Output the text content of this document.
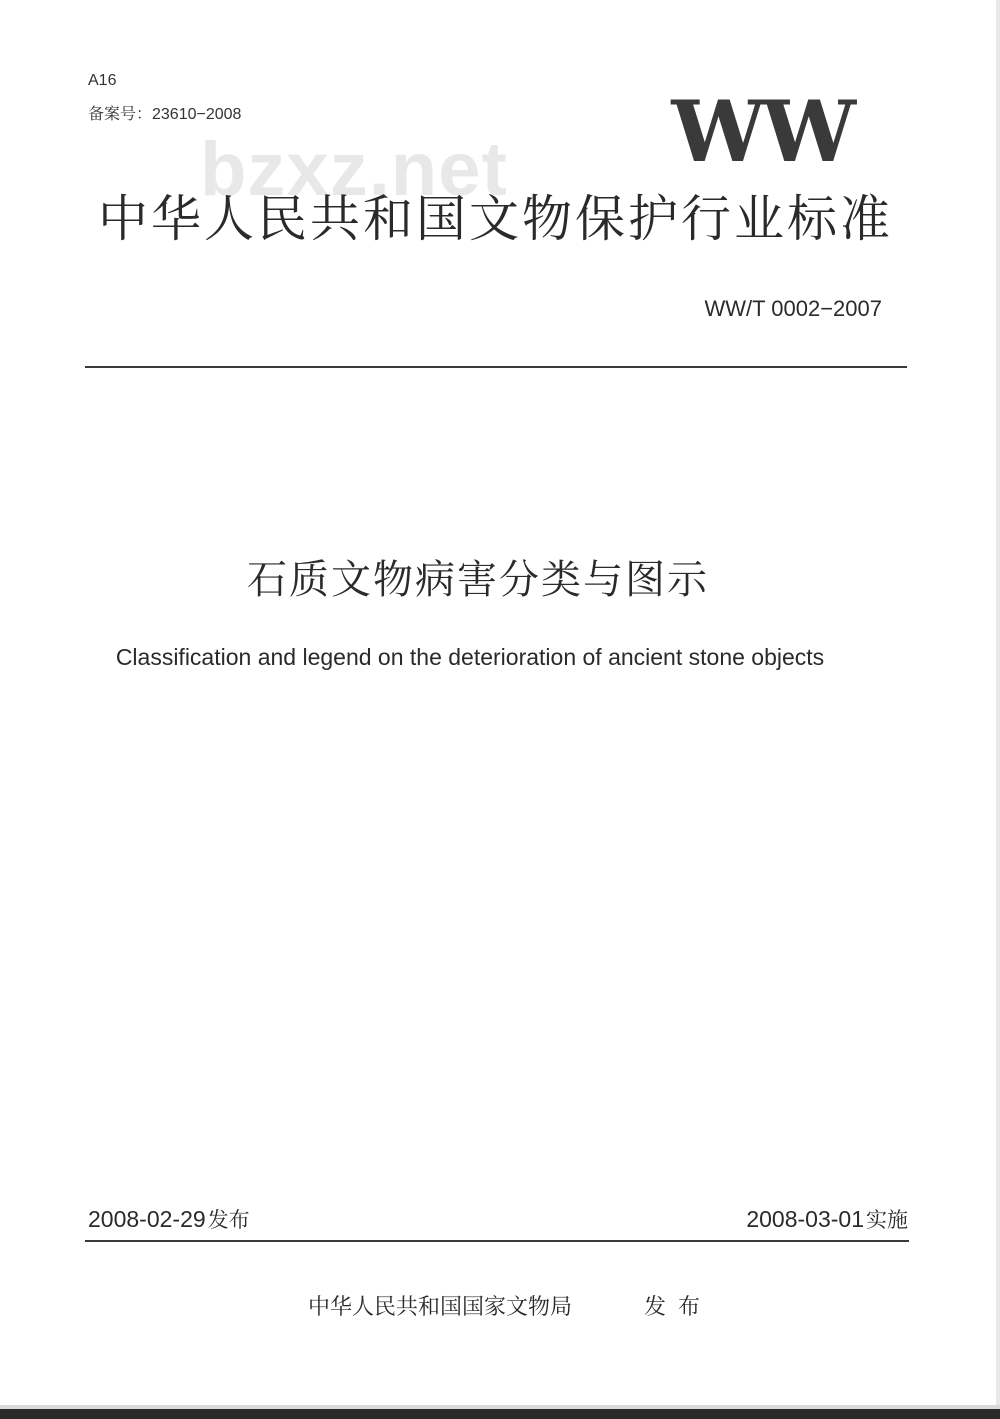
A16
备案号：23610−2008
bzxz.net WW
中华人民共和国文物保护行业标准
WW/T 0002−2007
石质文物病害分类与图示
Classification and legend on the deterioration of ancient stone objects
2008-02-29发布	2008-03-01实施
中华人民共和国国家文物局	发布
